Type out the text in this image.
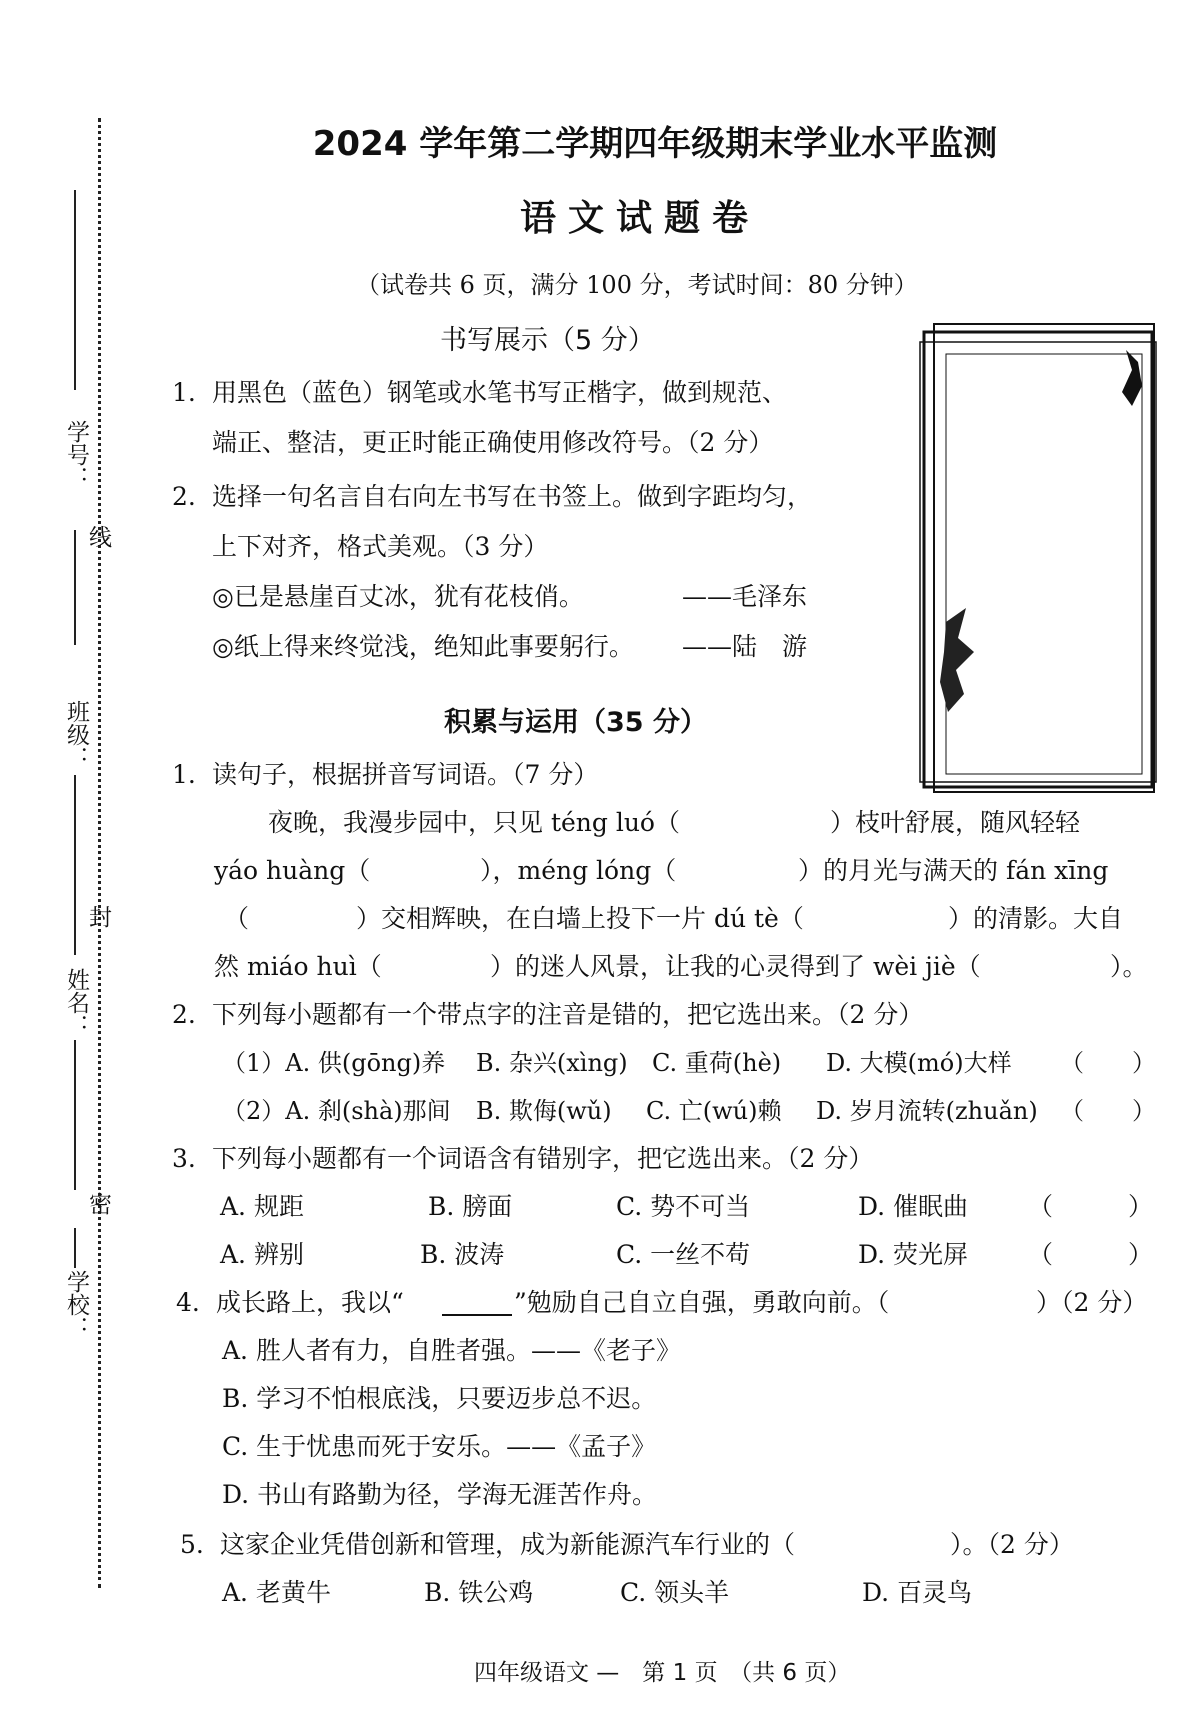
学号：
线
班级：
封
姓名：
密
学校：
2024 学年第二学期四年级期末学业水平监测
语文试题卷
（试卷共 6 页，满分 100 分，考试时间：80 分钟）
书写展示（5 分）
1. 用黑色（蓝色）钢笔或水笔书写正楷字，做到规范、
端正、整洁，更正时能正确使用修改符号。（2 分）
2. 选择一句名言自右向左书写在书签上。做到字距均匀，
上下对齐，格式美观。（3 分）
◎已是悬崖百丈冰，犹有花枝俏。	——毛泽东
◎纸上得来终觉浅，绝知此事要躬行。 ——陆　游
积累与运用（35 分）
1. 读句子，根据拼音写词语。（7 分）
夜晚，我漫步园中，只见 téng luó（	）枝叶舒展，随风轻轻
yáo huàng（	），méng lóng（	）的月光与满天的 fán xīng
（	）交相辉映，在白墙上投下一片 dú tè（	）的清影。大自
然 miáo huì（	）的迷人风景，让我的心灵得到了 wèi jiè（	）。
2. 下列每小题都有一个带点字的注音是错的，把它选出来。（2 分）
（1）A. 供(gōng)养 B. 杂兴(xìng) C. 重荷(hè) D. 大模(mó)大样 （　　）
（2）A. 刹(shà)那间 B. 欺侮(wǔ) C. 亡(wú)赖 D. 岁月流转(zhuǎn) （　　）
3. 下列每小题都有一个词语含有错别字，把它选出来。（2 分）
A. 规距	B. 膀面	C. 势不可当	D. 催眠曲 （　　　）
A. 辨别	B. 波涛	C. 一丝不苟	D. 荧光屏 （　　　）
4. 成长路上，我以“	”勉励自己自立自强，勇敢向前。（	）（2 分）
A. 胜人者有力，自胜者强。——《老子》
B. 学习不怕根底浅，只要迈步总不迟。
C. 生于忧患而死于安乐。——《孟子》
D. 书山有路勤为径，学海无涯苦作舟。
5. 这家企业凭借创新和管理，成为新能源汽车行业的（	）。（2 分）
A. 老黄牛	B. 铁公鸡	C. 领头羊	D. 百灵鸟
四年级语文 —　第 1 页　（共 6 页）
